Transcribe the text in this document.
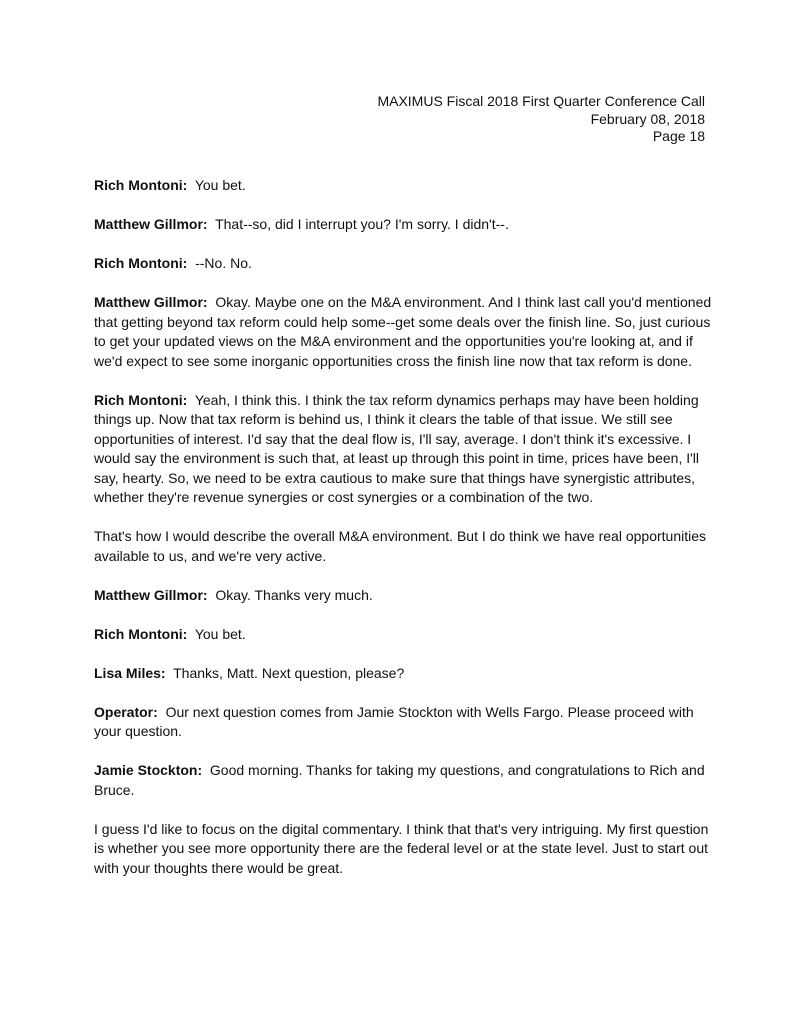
MAXIMUS Fiscal 2018 First Quarter Conference Call
February 08, 2018
Page 18

Rich Montoni: You bet.

Matthew Gillmor:  That--so, did I interrupt you? I'm sorry. I didn't--.

Rich Montoni: --No. No.

Matthew Gillmor: Okay. Maybe one on the M&A environment. And I think last call you'd mentioned that getting beyond tax reform could help some--get some deals over the finish line. So, just curious to get your updated views on the M&A environment and the opportunities you're looking at, and if we'd expect to see some inorganic opportunities cross the finish line now that tax reform is done.

Rich Montoni: Yeah, I think this. I think the tax reform dynamics perhaps may have been holding things up. Now that tax reform is behind us, I think it clears the table of that issue. We still see opportunities of interest. I'd say that the deal flow is, I'll say, average. I don't think it's excessive. I would say the environment is such that, at least up through this point in time, prices have been, I'll say, hearty. So, we need to be extra cautious to make sure that things have synergistic attributes, whether they're revenue synergies or cost synergies or a combination of the two.

That's how I would describe the overall M&A environment. But I do think we have real opportunities available to us, and we're very active.

Matthew Gillmor: Okay. Thanks very much.

Rich Montoni: You bet.

Lisa Miles: Thanks, Matt. Next question, please?

Operator: Our next question comes from Jamie Stockton with Wells Fargo. Please proceed with your question.

Jamie Stockton: Good morning. Thanks for taking my questions, and congratulations to Rich and Bruce.

I guess I'd like to focus on the digital commentary. I think that that's very intriguing. My first question is whether you see more opportunity there are the federal level or at the state level. Just to start out with your thoughts there would be great.
